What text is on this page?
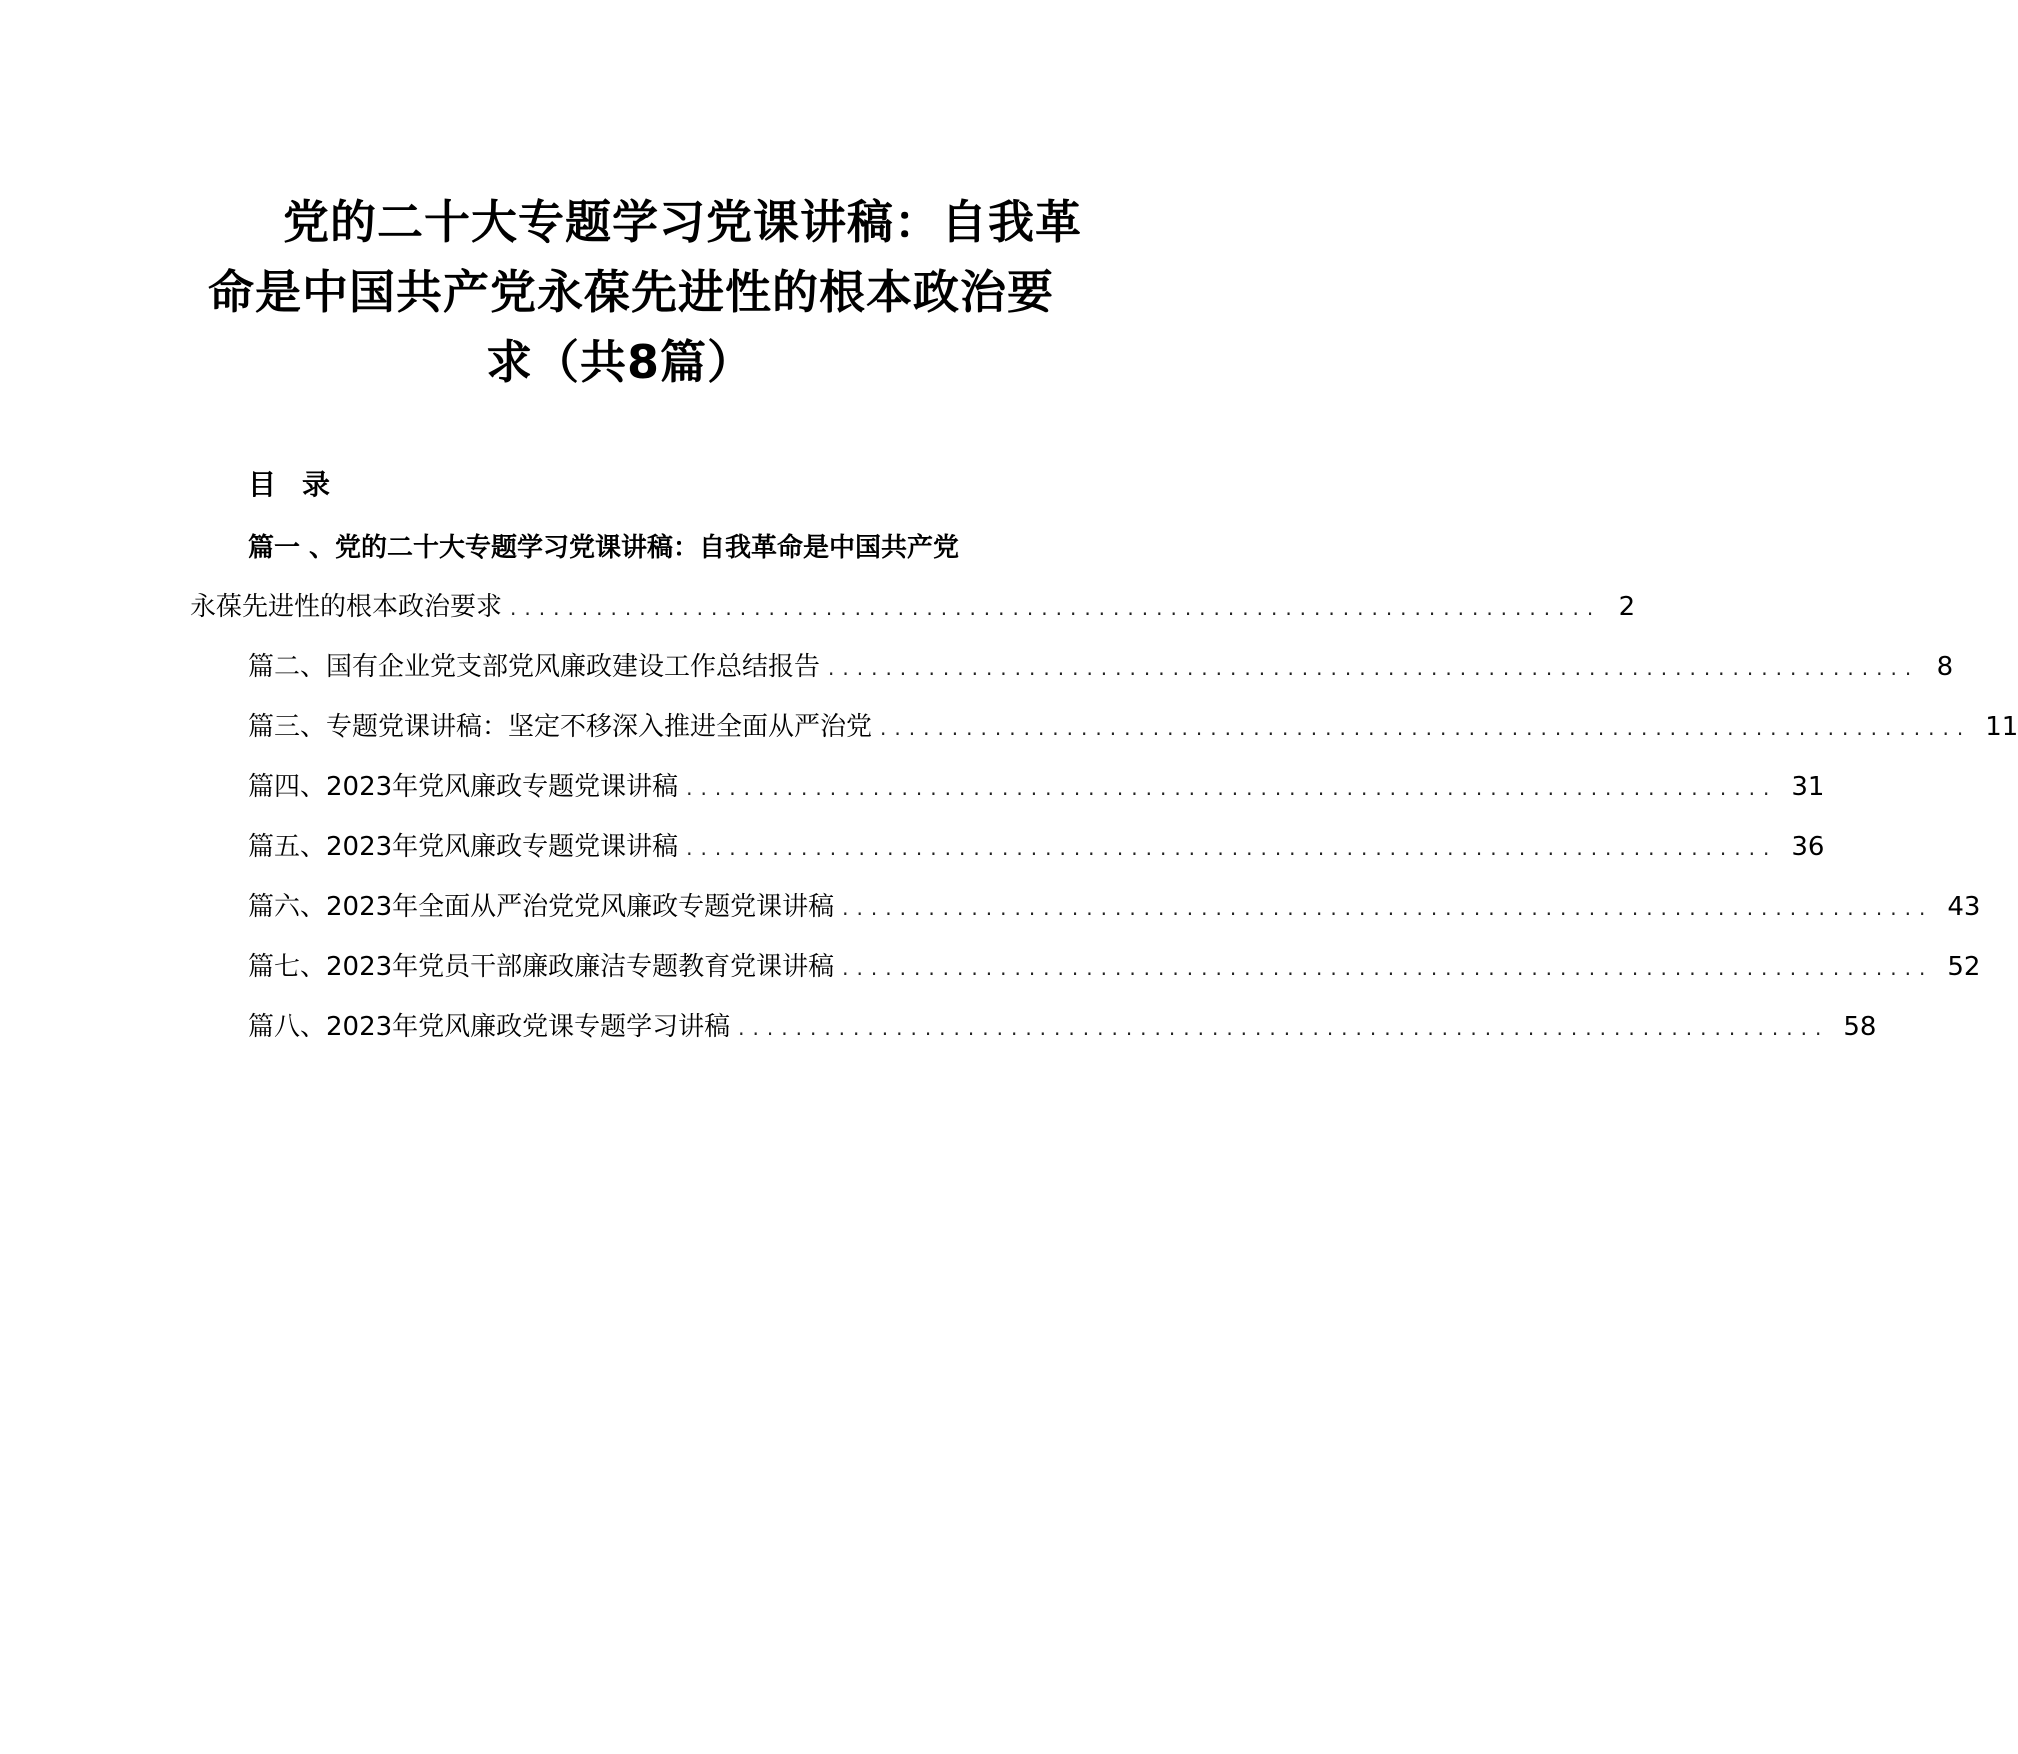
党的二十大专题学习党课讲稿：自我革
命是中国共产党永葆先进性的根本政治要
求（共8篇）
目录
篇一 、党的二十大专题学习党课讲稿：自我革命是中国共产党
永葆先进性的根本政治要求 ............................................................................ 2
篇二、国有企业党支部党风廉政建设工作总结报告 ............................................................................ 8
篇三、专题党课讲稿：坚定不移深入推进全面从严治党 ............................................................................ 11
篇四、2023年党风廉政专题党课讲稿 ............................................................................ 31
篇五、2023年党风廉政专题党课讲稿 ............................................................................ 36
篇六、2023年全面从严治党党风廉政专题党课讲稿 ............................................................................ 43
篇七、2023年党员干部廉政廉洁专题教育党课讲稿 ............................................................................ 52
篇八、2023年党风廉政党课专题学习讲稿 ............................................................................ 58
